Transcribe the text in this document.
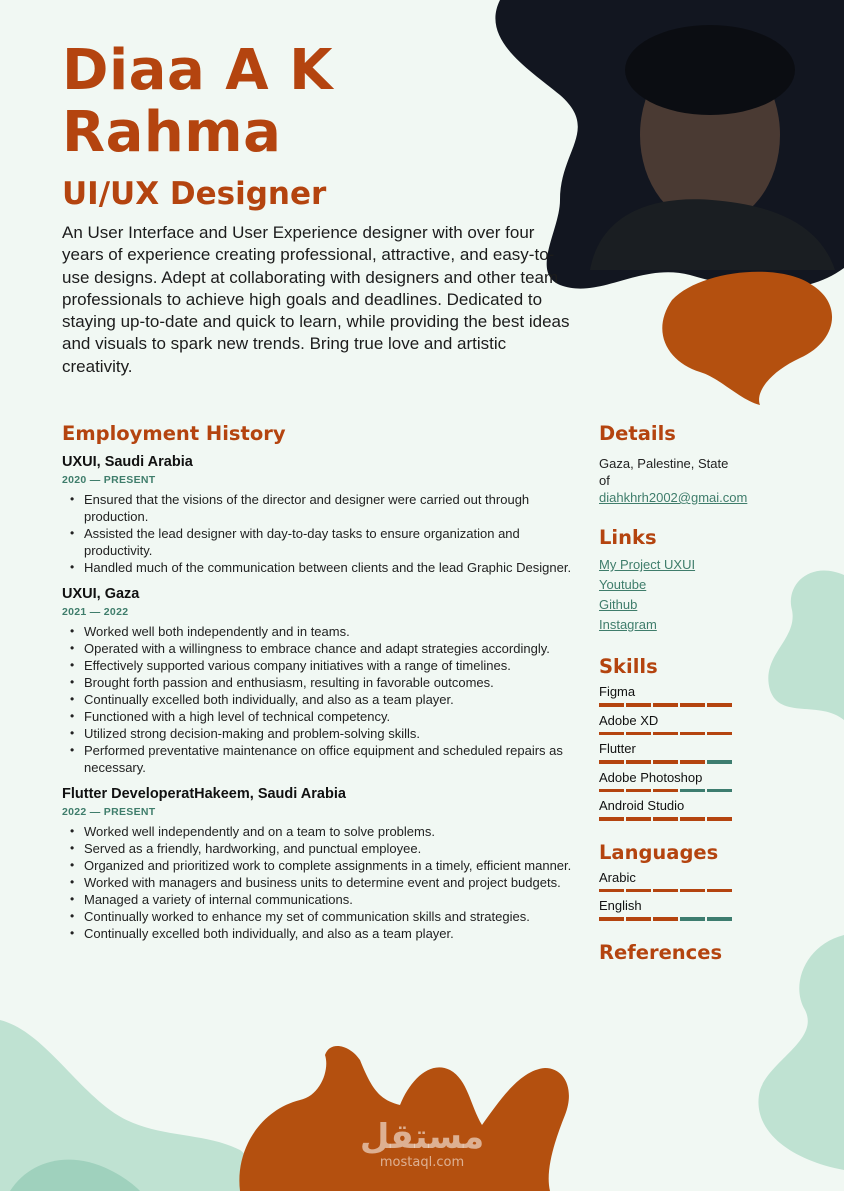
مستقل
mostaql.com
Diaa A K Rahma
UI/UX Designer

An User Interface and User Experience designer with over four years of experience creating professional, attractive, and easy-to-use designs. Adept at collaborating with designers and other team professionals to achieve high goals and deadlines. Dedicated to staying up-to-date and quick to learn, while providing the best ideas and visuals to spark new trends. Bring true love and artistic creativity.

Employment History
UXUI, Saudi Arabia
2020 — PRESENT
• Ensured that the visions of the director and designer were carried out through production.
• Assisted the lead designer with day-to-day tasks to ensure organization and productivity.
• Handled much of the communication between clients and the lead Graphic Designer.
UXUI, Gaza
2021 — 2022
• Worked well both independently and in teams.
• Operated with a willingness to embrace chance and adapt strategies accordingly.
• Effectively supported various company initiatives with a range of timelines.
• Brought forth passion and enthusiasm, resulting in favorable outcomes.
• Continually excelled both individually, and also as a team player.
• Functioned with a high level of technical competency.
• Utilized strong decision-making and problem-solving skills.
• Performed preventative maintenance on office equipment and scheduled repairs as necessary.
Flutter DeveloperatHakeem, Saudi Arabia
2022 — PRESENT
• Worked well independently and on a team to solve problems.
• Served as a friendly, hardworking, and punctual employee.
• Organized and prioritized work to complete assignments in a timely, efficient manner.
• Worked with managers and business units to determine event and project budgets.
• Managed a variety of internal communications.
• Continually worked to enhance my set of communication skills and strategies.
• Continually excelled both individually, and also as a team player.
Details
Gaza, Palestine, State of
diahkhrh2002@gmai.com
Links
My Project UXUI
Youtube
Github
Instagram
Skills
Figma
Adobe XD
Flutter
Adobe Photoshop
Android Studio
Languages
Arabic
English
References
